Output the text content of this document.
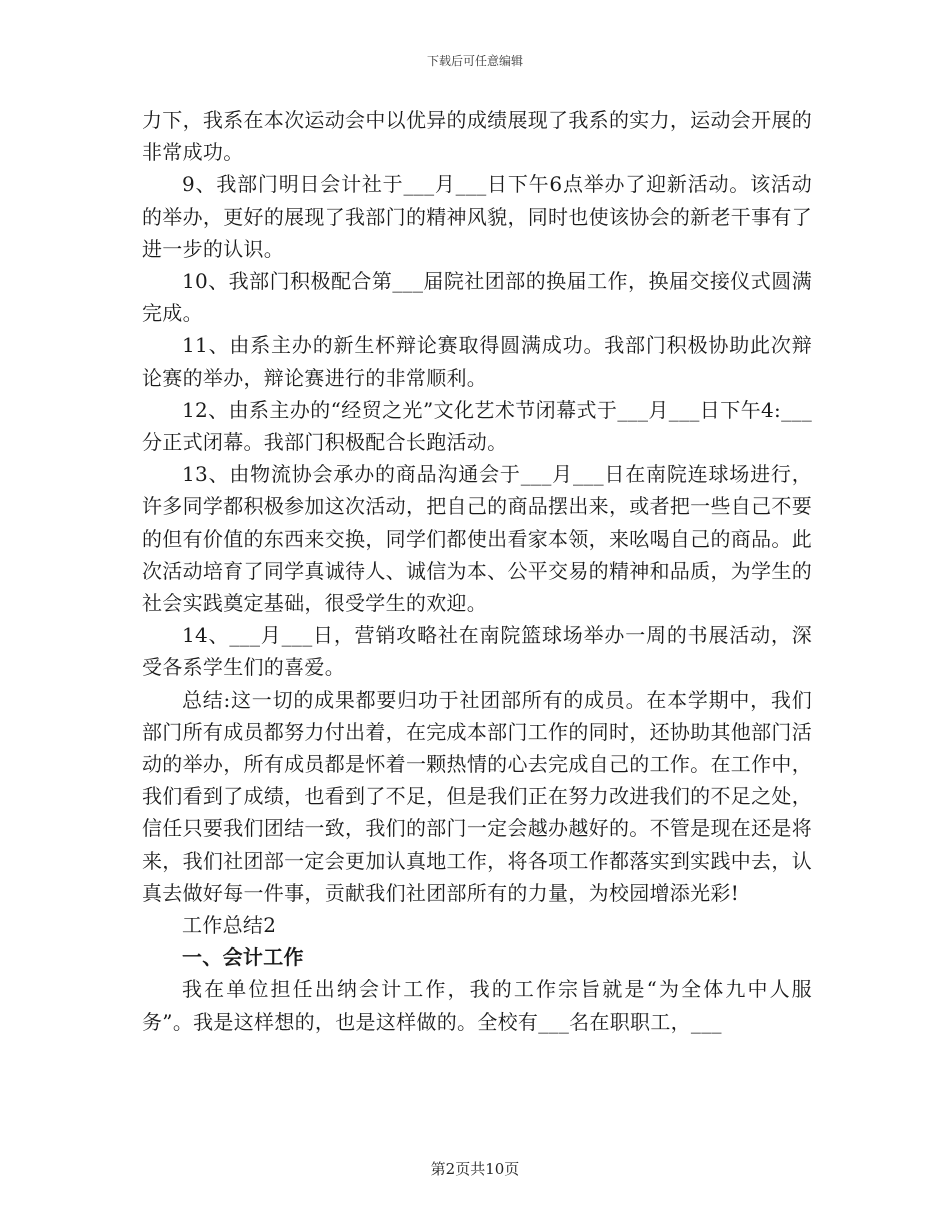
下载后可任意编辑

力下，我系在本次运动会中以优异的成绩展现了我系的实力，运动会开展的非常成功。

9、我部门明日会计社于___月___日下午6点举办了迎新活动。该活动的举办，更好的展现了我部门的精神风貌，同时也使该协会的新老干事有了进一步的认识。

10、我部门积极配合第___届院社团部的换届工作，换届交接仪式圆满完成。

11、由系主办的新生杯辩论赛取得圆满成功。我部门积极协助此次辩论赛的举办，辩论赛进行的非常顺利。

12、由系主办的“经贸之光”文化艺术节闭幕式于___月___日下午4:___分正式闭幕。我部门积极配合长跑活动。

13、由物流协会承办的商品沟通会于___月___日在南院连球场进行，许多同学都积极参加这次活动，把自己的商品摆出来，或者把一些自己不要的但有价值的东西来交换，同学们都使出看家本领，来吆喝自己的商品。此次活动培育了同学真诚待人、诚信为本、公平交易的精神和品质，为学生的社会实践奠定基础，很受学生的欢迎。

14、___月___日，营销攻略社在南院篮球场举办一周的书展活动，深受各系学生们的喜爱。

总结:这一切的成果都要归功于社团部所有的成员。在本学期中，我们部门所有成员都努力付出着，在完成本部门工作的同时，还协助其他部门活动的举办，所有成员都是怀着一颗热情的心去完成自己的工作。在工作中，我们看到了成绩，也看到了不足，但是我们正在努力改进我们的不足之处，信任只要我们团结一致，我们的部门一定会越办越好的。不管是现在还是将来，我们社团部一定会更加认真地工作，将各项工作都落实到实践中去，认真去做好每一件事，贡献我们社团部所有的力量，为校园增添光彩!

工作总结2

一、会计工作

我在单位担任出纳会计工作，我的工作宗旨就是“为全体九中人服务”。我是这样想的，也是这样做的。全校有___名在职职工，___

第2页共10页
